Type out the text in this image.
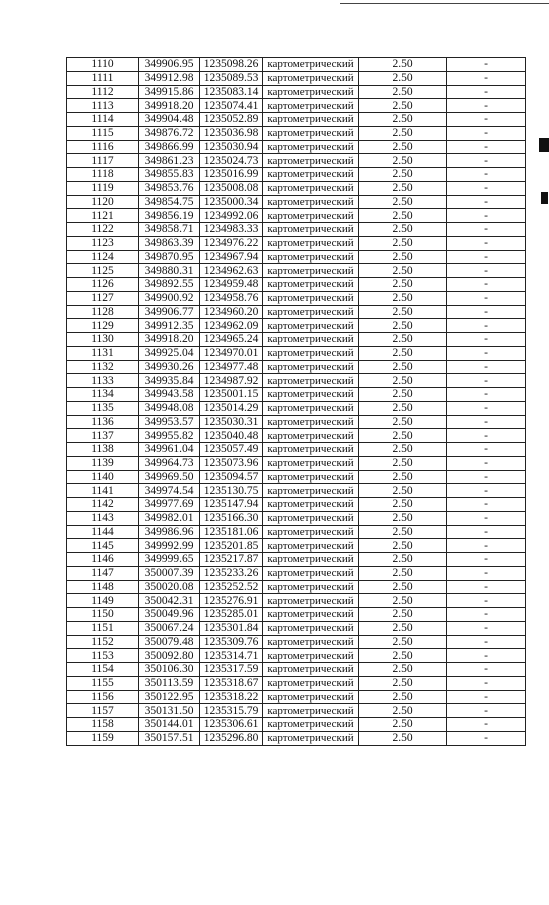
1110	349906.95	1235098.26	картометрический	2.50	-
1111	349912.98	1235089.53	картометрический	2.50	-
1112	349915.86	1235083.14	картометрический	2.50	-
1113	349918.20	1235074.41	картометрический	2.50	-
1114	349904.48	1235052.89	картометрический	2.50	-
1115	349876.72	1235036.98	картометрический	2.50	-
1116	349866.99	1235030.94	картометрический	2.50	-
1117	349861.23	1235024.73	картометрический	2.50	-
1118	349855.83	1235016.99	картометрический	2.50	-
1119	349853.76	1235008.08	картометрический	2.50	-
1120	349854.75	1235000.34	картометрический	2.50	-
1121	349856.19	1234992.06	картометрический	2.50	-
1122	349858.71	1234983.33	картометрический	2.50	-
1123	349863.39	1234976.22	картометрический	2.50	-
1124	349870.95	1234967.94	картометрический	2.50	-
1125	349880.31	1234962.63	картометрический	2.50	-
1126	349892.55	1234959.48	картометрический	2.50	-
1127	349900.92	1234958.76	картометрический	2.50	-
1128	349906.77	1234960.20	картометрический	2.50	-
1129	349912.35	1234962.09	картометрический	2.50	-
1130	349918.20	1234965.24	картометрический	2.50	-
1131	349925.04	1234970.01	картометрический	2.50	-
1132	349930.26	1234977.48	картометрический	2.50	-
1133	349935.84	1234987.92	картометрический	2.50	-
1134	349943.58	1235001.15	картометрический	2.50	-
1135	349948.08	1235014.29	картометрический	2.50	-
1136	349953.57	1235030.31	картометрический	2.50	-
1137	349955.82	1235040.48	картометрический	2.50	-
1138	349961.04	1235057.49	картометрический	2.50	-
1139	349964.73	1235073.96	картометрический	2.50	-
1140	349969.50	1235094.57	картометрический	2.50	-
1141	349974.54	1235130.75	картометрический	2.50	-
1142	349977.69	1235147.94	картометрический	2.50	-
1143	349982.01	1235166.30	картометрический	2.50	-
1144	349986.96	1235181.06	картометрический	2.50	-
1145	349992.99	1235201.85	картометрический	2.50	-
1146	349999.65	1235217.87	картометрический	2.50	-
1147	350007.39	1235233.26	картометрический	2.50	-
1148	350020.08	1235252.52	картометрический	2.50	-
1149	350042.31	1235276.91	картометрический	2.50	-
1150	350049.96	1235285.01	картометрический	2.50	-
1151	350067.24	1235301.84	картометрический	2.50	-
1152	350079.48	1235309.76	картометрический	2.50	-
1153	350092.80	1235314.71	картометрический	2.50	-
1154	350106.30	1235317.59	картометрический	2.50	-
1155	350113.59	1235318.67	картометрический	2.50	-
1156	350122.95	1235318.22	картометрический	2.50	-
1157	350131.50	1235315.79	картометрический	2.50	-
1158	350144.01	1235306.61	картометрический	2.50	-
1159	350157.51	1235296.80	картометрический	2.50	-
